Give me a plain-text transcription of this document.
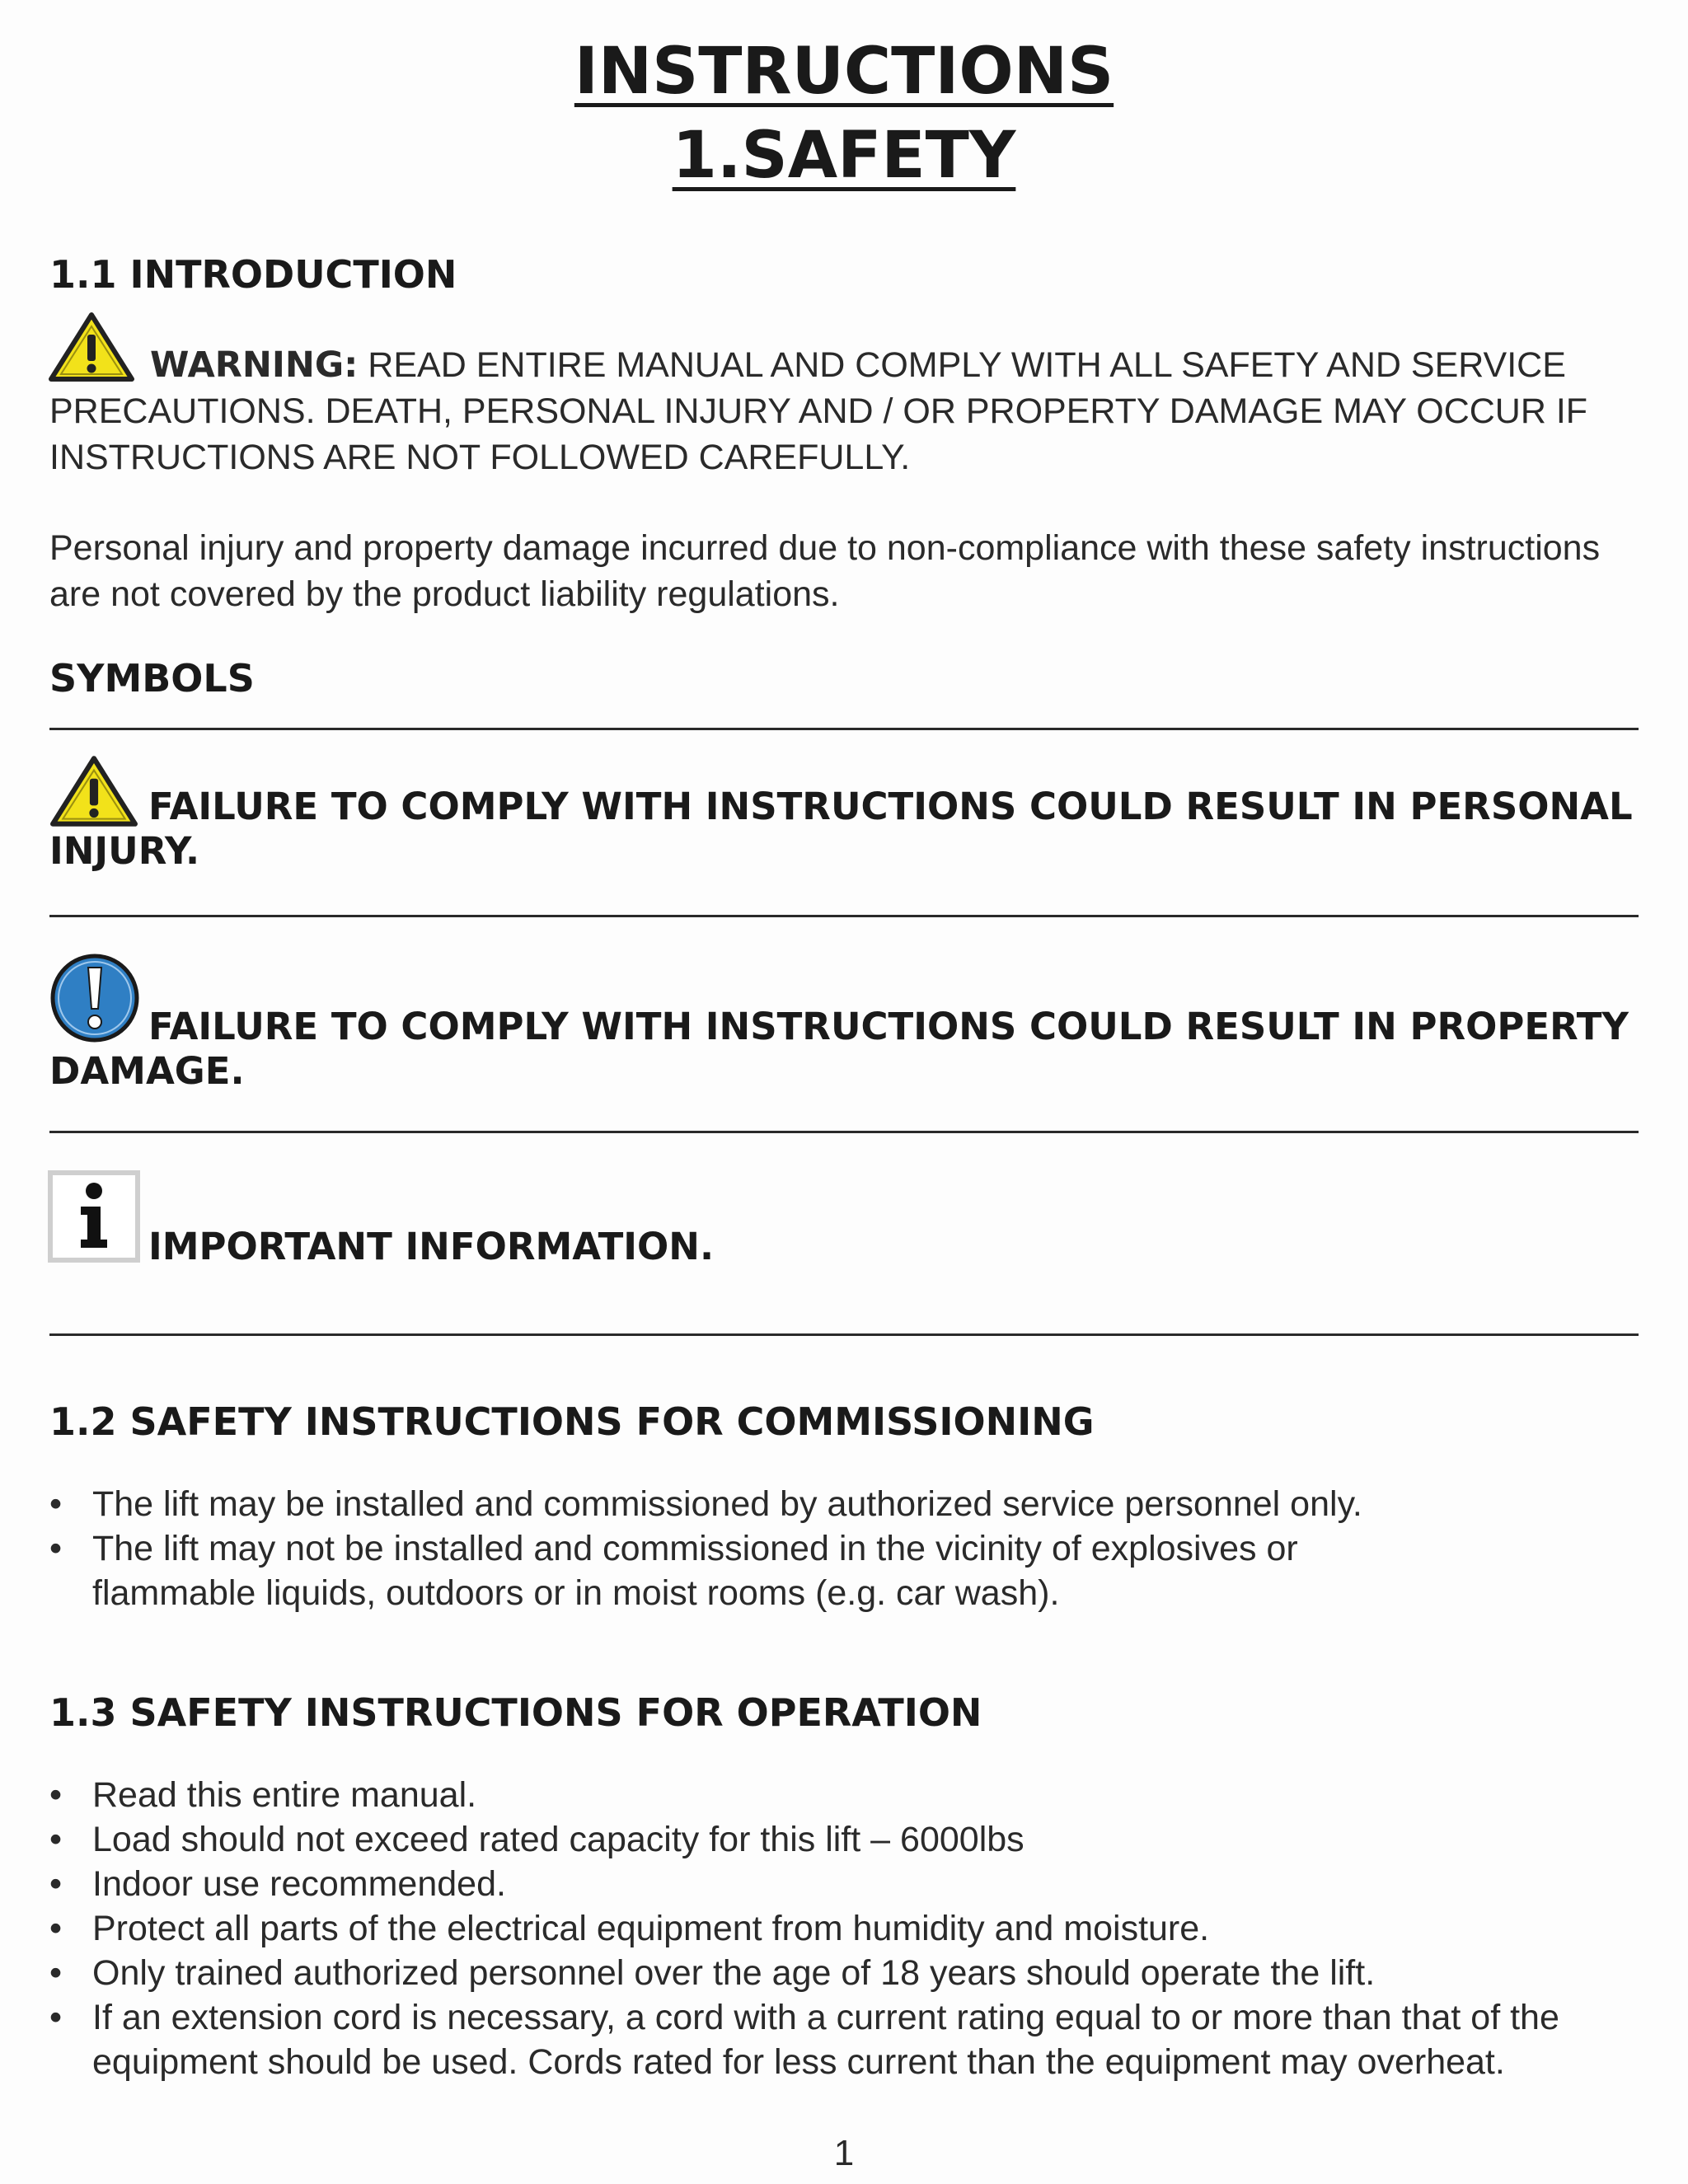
INSTRUCTIONS
1.SAFETY
1.1 INTRODUCTION
WARNING: READ ENTIRE MANUAL AND COMPLY WITH ALL SAFETY AND SERVICE PRECAUTIONS. DEATH, PERSONAL INJURY AND / OR PROPERTY DAMAGE MAY OCCUR IF INSTRUCTIONS ARE NOT FOLLOWED CAREFULLY.
Personal injury and property damage incurred due to non-compliance with these safety instructions are not covered by the product liability regulations.
SYMBOLS
FAILURE TO COMPLY WITH INSTRUCTIONS COULD RESULT IN PERSONAL INJURY.
FAILURE TO COMPLY WITH INSTRUCTIONS COULD RESULT IN PROPERTY DAMAGE.
IMPORTANT INFORMATION.
1.2 SAFETY INSTRUCTIONS FOR COMMISSIONING
• The lift may be installed and commissioned by authorized service personnel only.
• The lift may not be installed and commissioned in the vicinity of explosives or flammable liquids, outdoors or in moist rooms (e.g. car wash).
1.3 SAFETY INSTRUCTIONS FOR OPERATION
• Read this entire manual.
• Load should not exceed rated capacity for this lift – 6000lbs
• Indoor use recommended.
• Protect all parts of the electrical equipment from humidity and moisture.
• Only trained authorized personnel over the age of 18 years should operate the lift.
• If an extension cord is necessary, a cord with a current rating equal to or more than that of the equipment should be used. Cords rated for less current than the equipment may overheat.
1
